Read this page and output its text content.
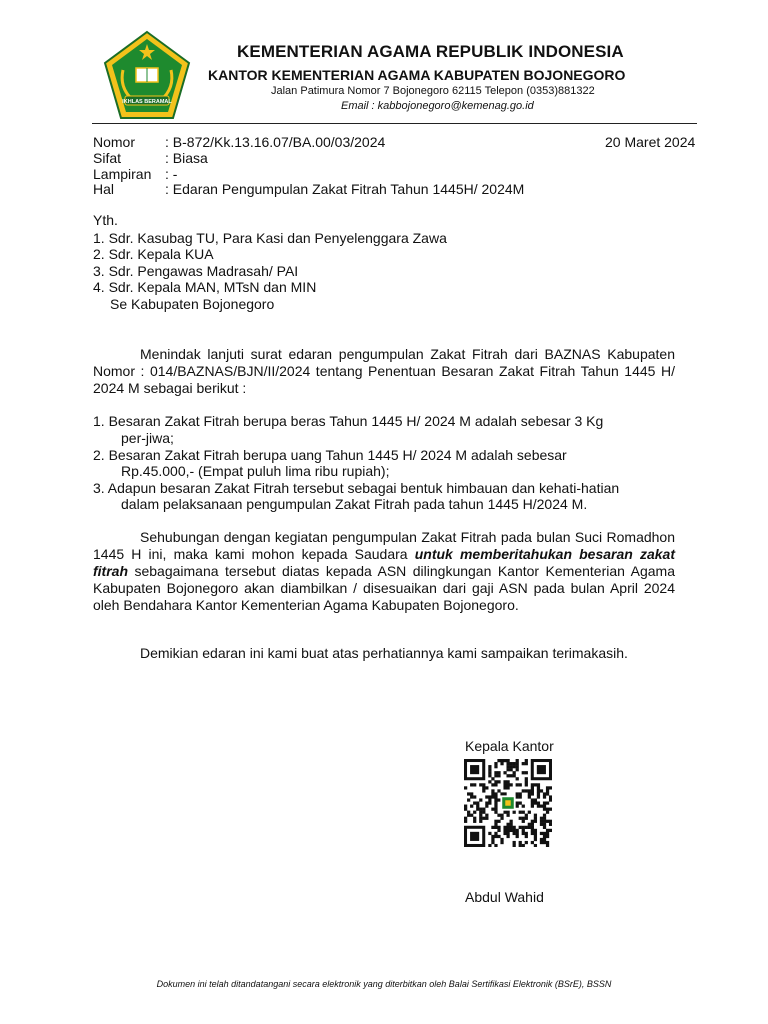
IKHLAS BERAMAL
KEMENTERIAN AGAMA REPUBLIK INDONESIA
KANTOR KEMENTERIAN AGAMA KABUPATEN BOJONEGORO
Jalan Patimura Nomor 7 Bojonegoro 62115 Telepon (0353)881322
Email : kabbojonegoro@kemenag.go.id
Nomor : B-872/Kk.13.16.07/BA.00/03/2024
Sifat	: Biasa
Lampiran : -
Hal	: Edaran Pengumpulan Zakat Fitrah Tahun 1445H/ 2024M
20 Maret 2024
Yth.
1. Sdr. Kasubag TU, Para Kasi dan Penyelenggara Zawa
2. Sdr. Kepala KUA
3. Sdr. Pengawas Madrasah/ PAI
4. Sdr. Kepala MAN, MTsN dan MIN
Se Kabupaten Bojonegoro
Menindak lanjuti surat edaran pengumpulan Zakat Fitrah dari BAZNAS Kabupaten Nomor : 014/BAZNAS/BJN/II/2024 tentang Penentuan Besaran Zakat Fitrah Tahun 1445 H/ 2024 M sebagai berikut :
1. Besaran Zakat Fitrah berupa beras Tahun 1445 H/ 2024 M adalah sebesar 3 Kg
per-jiwa;
2. Besaran Zakat Fitrah berupa uang Tahun 1445 H/ 2024 M adalah sebesar
Rp.45.000,- (Empat puluh lima ribu rupiah);
3. Adapun besaran Zakat Fitrah tersebut sebagai bentuk himbauan dan kehati-hatian
dalam pelaksanaan pengumpulan Zakat Fitrah pada tahun 1445 H/2024 M.
Sehubungan dengan kegiatan pengumpulan Zakat Fitrah pada bulan Suci Romadhon 1445 H ini, maka kami mohon kepada Saudara untuk memberitahukan besaran zakat fitrah sebagaimana tersebut diatas kepada ASN dilingkungan Kantor Kementerian Agama Kabupaten Bojonegoro akan diambilkan / disesuaikan dari gaji ASN pada bulan April 2024 oleh Bendahara Kantor Kementerian Agama Kabupaten Bojonegoro.
Demikian edaran ini kami buat atas perhatiannya kami sampaikan terimakasih.
Kepala Kantor
Abdul Wahid
Dokumen ini telah ditandatangani secara elektronik yang diterbitkan oleh Balai Sertifikasi Elektronik (BSrE), BSSN
